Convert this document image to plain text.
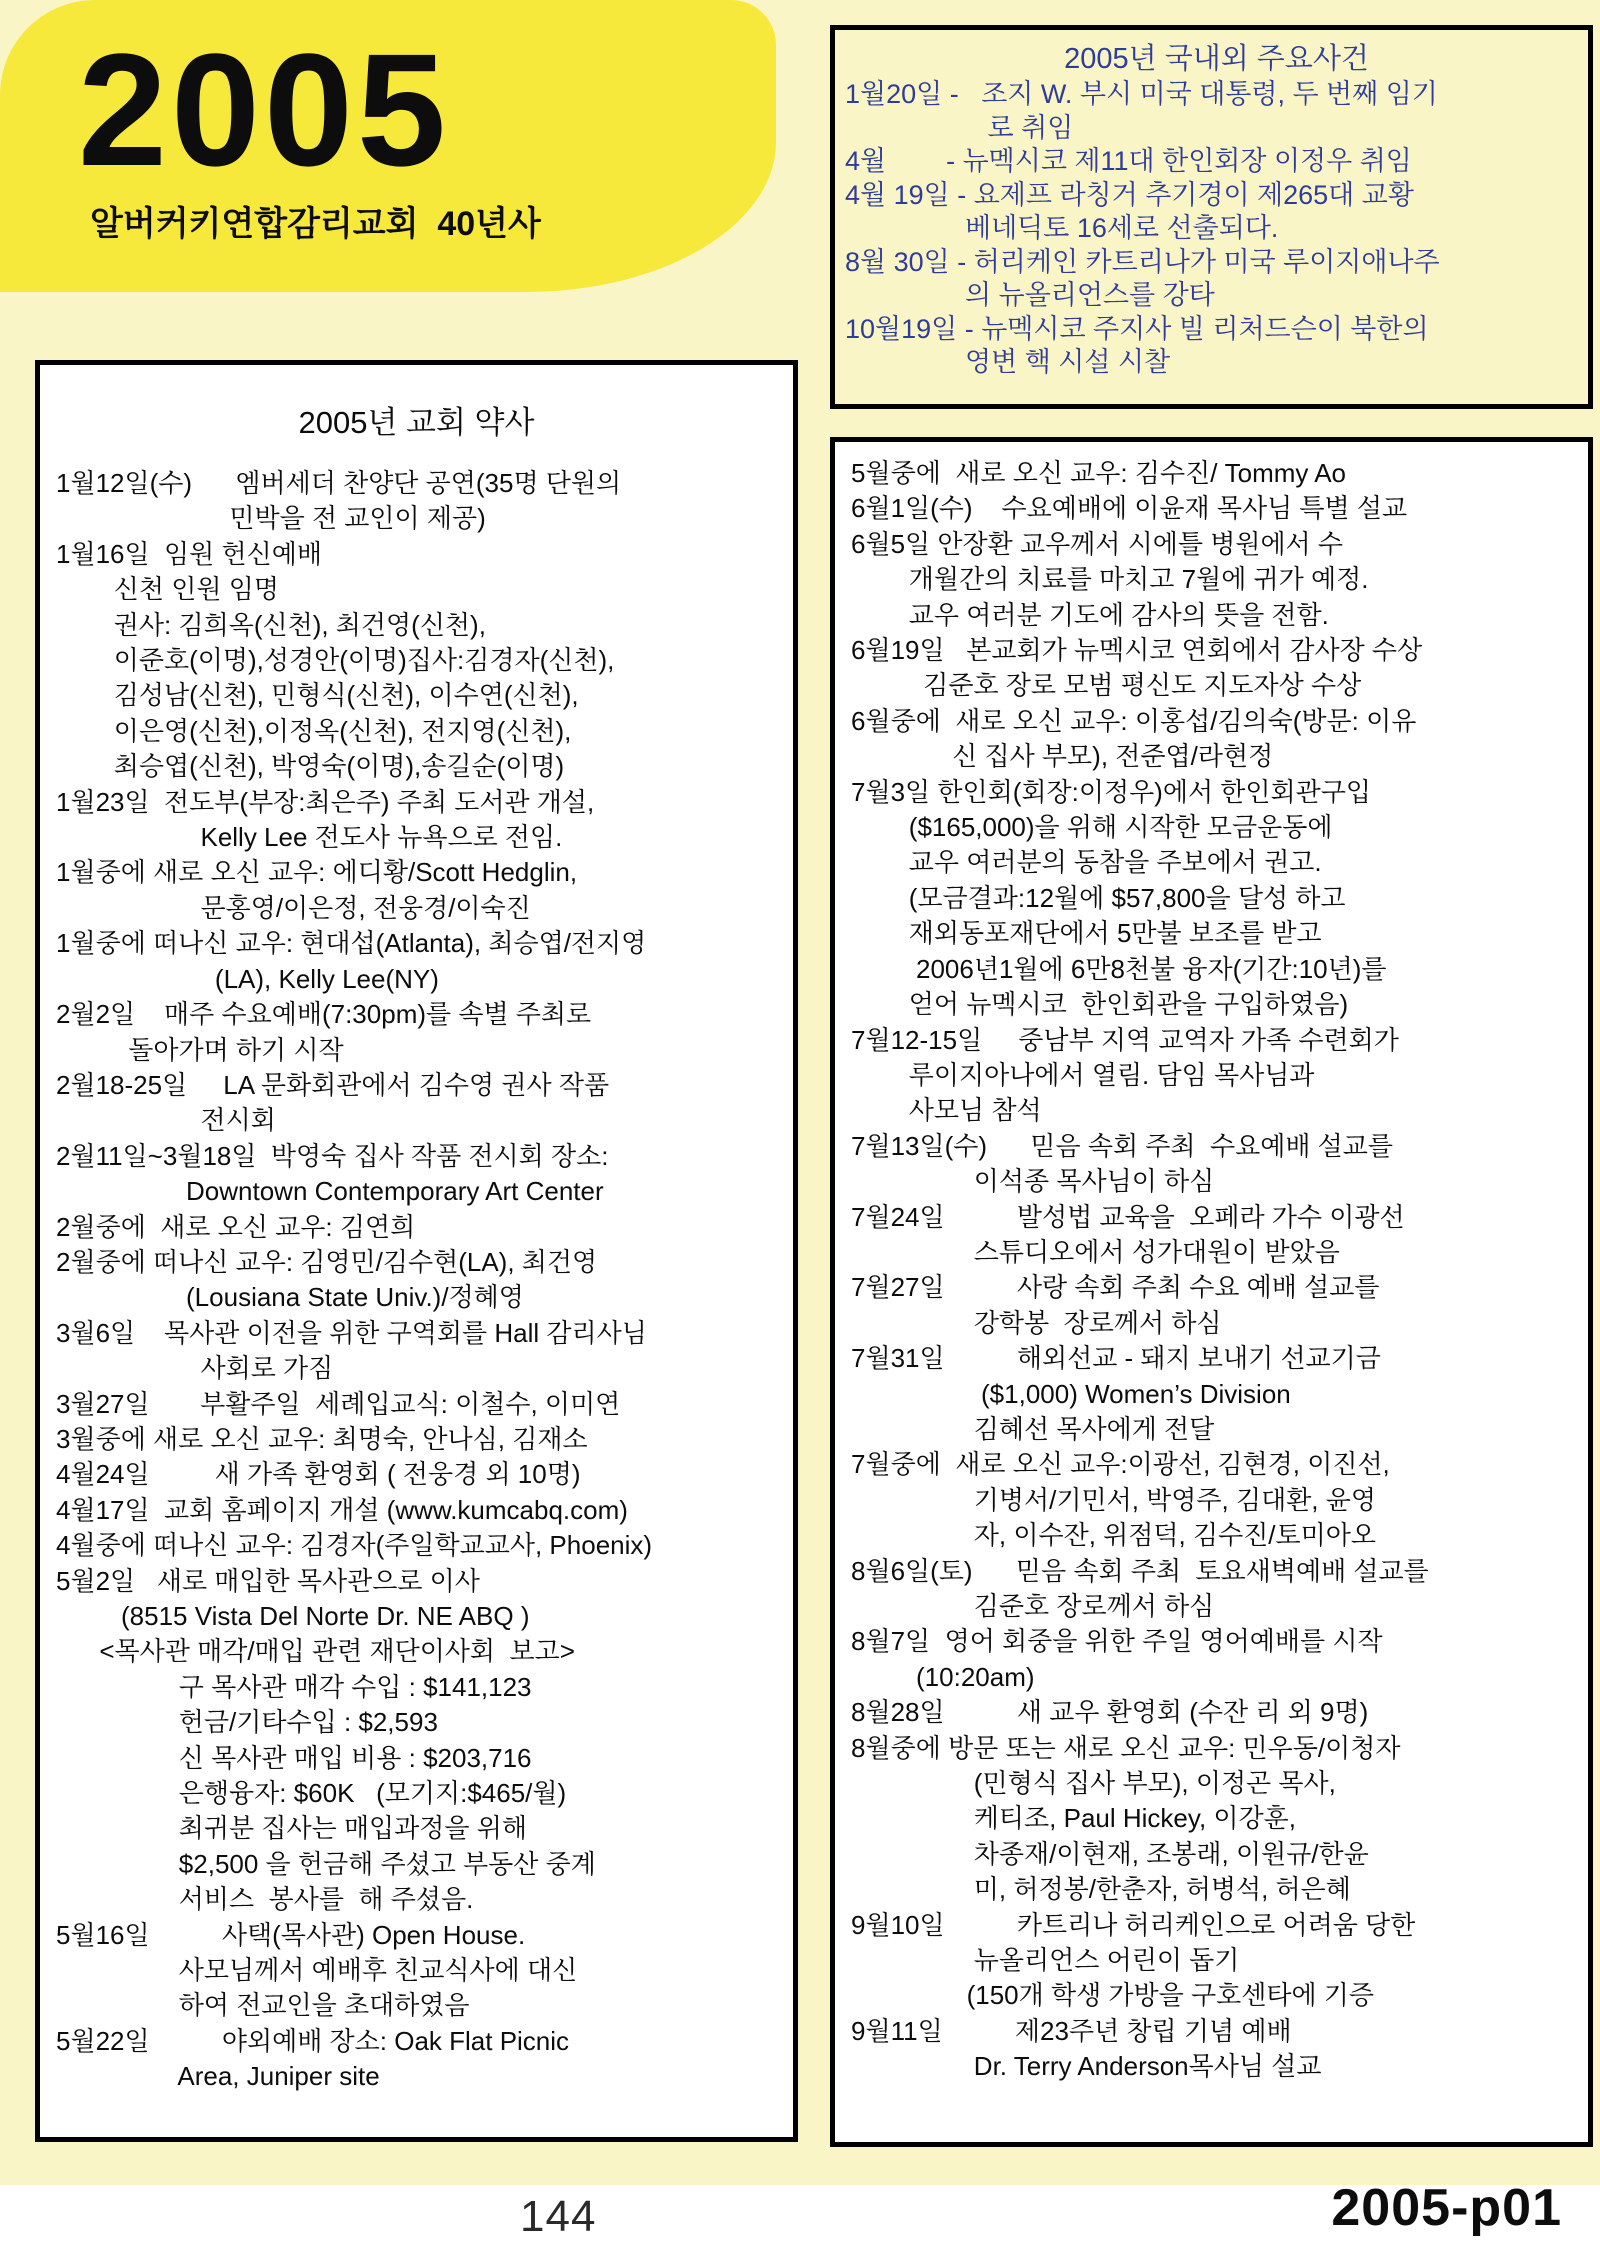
2005
알버커키연합감리교회  40년사
2005년 국내외 주요사건
1월20일 -   조지 W. 부시 미국 대통령, 두 번째 임기
로 취임
4월        - 뉴멕시코 제11대 한인회장 이정우 취임
4월 19일 - 요제프 라칭거 추기경이 제265대 교황
베네딕토 16세로 선출되다.
8월 30일 - 허리케인 카트리나가 미국 루이지애나주
의 뉴올리언스를 강타
10월19일 - 뉴멕시코 주지사 빌 리처드슨이 북한의
영변 핵 시설 시찰
2005년 교회 약사
1월12일(수)      엠버세더 찬양단 공연(35명 단원의
민박을 전 교인이 제공)
1월16일  임원 헌신예배
신천 인원 임명
권사: 김희옥(신천), 최건영(신천),
이준호(이명),성경안(이명)집사:김경자(신천),
김성남(신천), 민형식(신천), 이수연(신천),
이은영(신천),이정옥(신천), 전지영(신천),
최승엽(신천), 박영숙(이명),송길순(이명)
1월23일  전도부(부장:최은주) 주최 도서관 개설,
Kelly Lee 전도사 뉴욕으로 전임.
1월중에 새로 오신 교우: 에디황/Scott Hedglin,
문홍영/이은정, 전웅경/이숙진
1월중에 떠나신 교우: 현대섭(Atlanta), 최승엽/전지영
(LA), Kelly Lee(NY)
2월2일    매주 수요예배(7:30pm)를 속별 주최로
돌아가며 하기 시작
2월18-25일     LA 문화회관에서 김수영 권사 작품
전시회
2월11일~3월18일  박영숙 집사 작품 전시회 장소:
Downtown Contemporary Art Center
2월중에  새로 오신 교우: 김연희
2월중에 떠나신 교우: 김영민/김수현(LA), 최건영
(Lousiana State Univ.)/정혜영
3월6일    목사관 이전을 위한 구역회를 Hall 감리사님
사회로 가짐
3월27일       부활주일  세례입교식: 이철수, 이미연
3월중에 새로 오신 교우: 최명숙, 안나심, 김재소
4월24일         새 가족 환영회 ( 전웅경 외 10명)
4월17일  교회 홈페이지 개설 (www.kumcabq.com)
4월중에 떠나신 교우: 김경자(주일학교교사, Phoenix)
5월2일   새로 매입한 목사관으로 이사
(8515 Vista Del Norte Dr. NE ABQ )
<목사관 매각/매입 관련 재단이사회  보고>
구 목사관 매각 수입 : $141,123
헌금/기타수입 : $2,593
신 목사관 매입 비용 : $203,716
은행융자: $60K   (모기지:$465/월)
최귀분 집사는 매입과정을 위해
$2,500 을 헌금해 주셨고 부동산 중계
서비스  봉사를  해 주셨음.
5월16일          사택(목사관) Open House.
사모님께서 예배후 친교식사에 대신
하여 전교인을 초대하였음
5월22일          야외예배 장소: Oak Flat Picnic
Area, Juniper site
5월중에  새로 오신 교우: 김수진/ Tommy Ao
6월1일(수)    수요예배에 이윤재 목사님 특별 설교
6월5일 안장환 교우께서 시에틀 병원에서 수
개월간의 치료를 마치고 7월에 귀가 예정.
교우 여러분 기도에 감사의 뜻을 전함.
6월19일   본교회가 뉴멕시코 연회에서 감사장 수상
김준호 장로 모범 평신도 지도자상 수상
6월중에  새로 오신 교우: 이홍섭/김의숙(방문: 이유
신 집사 부모), 전준엽/라현정
7월3일 한인회(회장:이정우)에서 한인회관구입
($165,000)을 위해 시작한 모금운동에
교우 여러분의 동참을 주보에서 권고.
(모금결과:12월에 $57,800을 달성 하고
재외동포재단에서 5만불 보조를 받고
2006년1월에 6만8천불 융자(기간:10년)를
얻어 뉴멕시코  한인회관을 구입하였음)
7월12-15일     중남부 지역 교역자 가족 수련회가
루이지아나에서 열림. 담임 목사님과
사모님 참석
7월13일(수)      믿음 속회 주최  수요예배 설교를
이석종 목사님이 하심
7월24일          발성법 교육을  오페라 가수 이광선
스튜디오에서 성가대원이 받았음
7월27일          사랑 속회 주최 수요 예배 설교를
강학봉  장로께서 하심
7월31일          해외선교 - 돼지 보내기 선교기금
($1,000) Women’s Division
김혜선 목사에게 전달
7월중에  새로 오신 교우:이광선, 김현경, 이진선,
기병서/기민서, 박영주, 김대환, 윤영
자, 이수잔, 위점덕, 김수진/토미아오
8월6일(토)      믿음 속회 주최  토요새벽예배 설교를
김준호 장로께서 하심
8월7일  영어 회중을 위한 주일 영어예배를 시작
(10:20am)
8월28일          새 교우 환영회 (수잔 리 외 9명)
8월중에 방문 또는 새로 오신 교우: 민우동/이청자
(민형식 집사 부모), 이정곤 목사,
케티조, Paul Hickey, 이강훈,
차종재/이현재, 조봉래, 이원규/한윤
미, 허정봉/한춘자, 허병석, 허은혜
9월10일          카트리나 허리케인으로 어려움 당한
뉴올리언스 어린이 돕기
(150개 학생 가방을 구호센타에 기증
9월11일          제23주년 창립 기념 예배
Dr. Terry Anderson목사님 설교
144	2005-p01
